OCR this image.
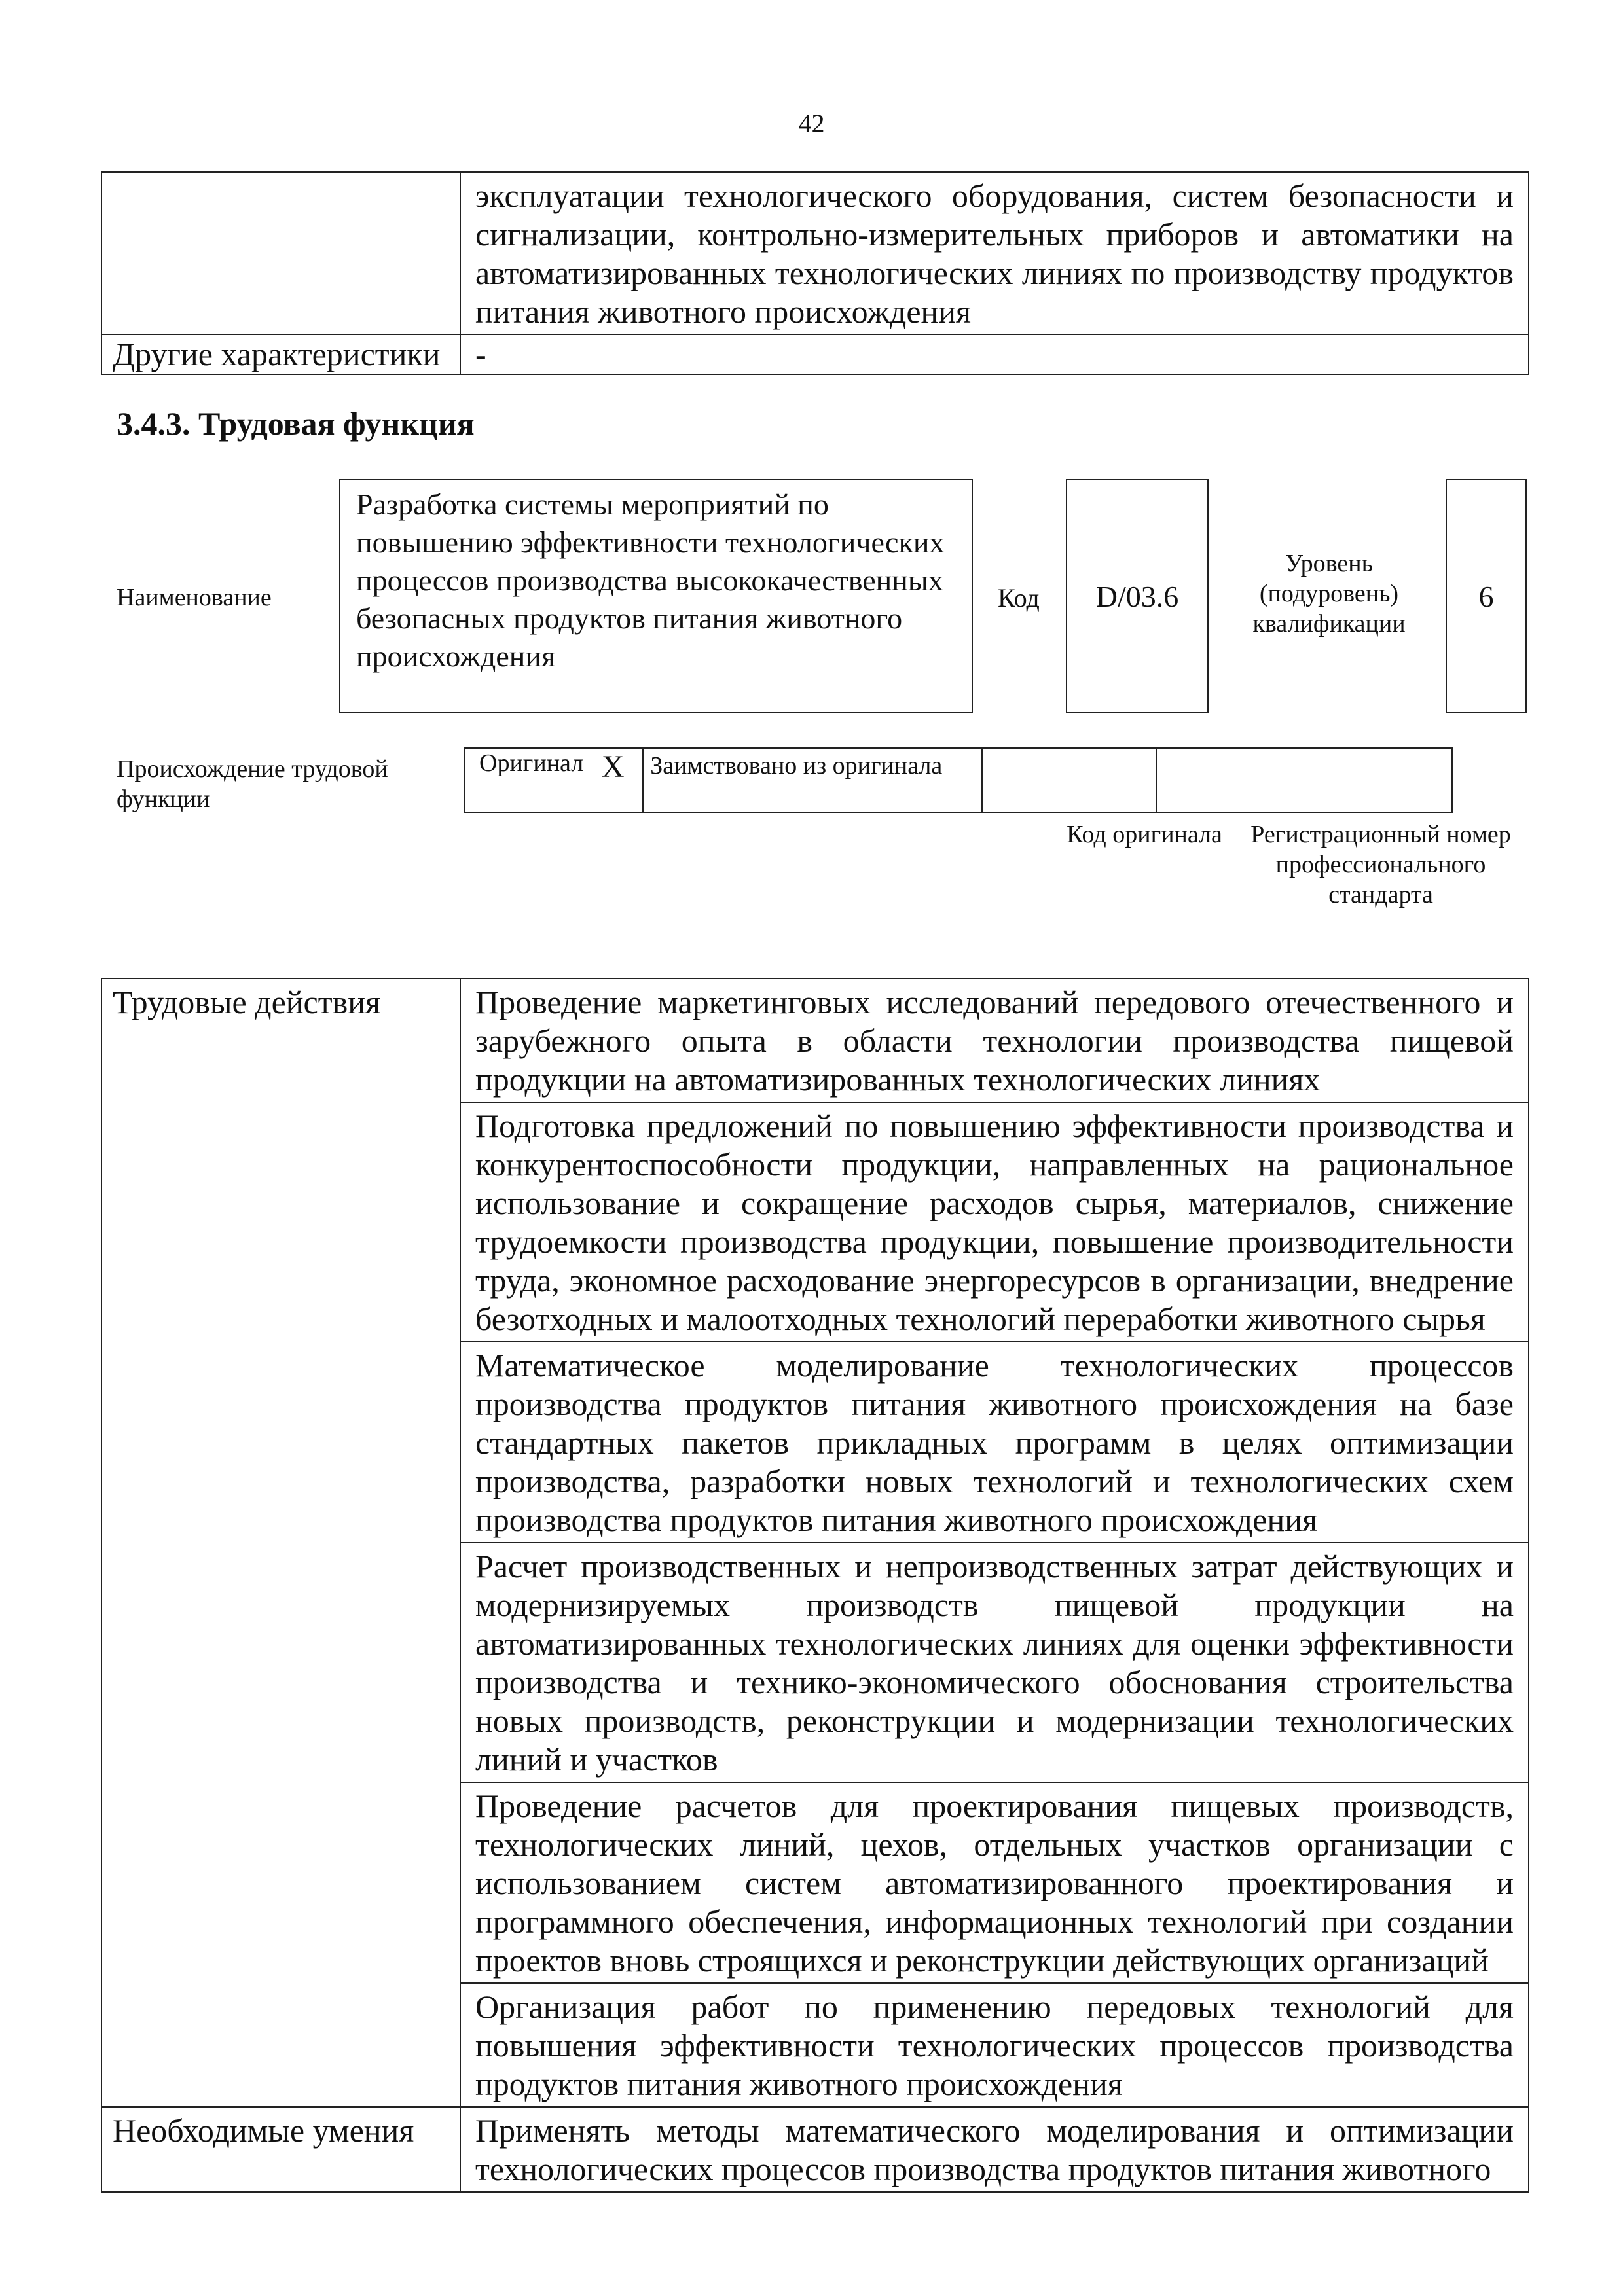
42

	эксплуатации технологического оборудования, систем безопасности и сигнализации, контрольно-измерительных приборов и автоматики на автоматизированных технологических линиях по производству продуктов питания животного происхождения

Другие характеристики	-
3.4.3. Трудовая функция
Наименование
Разработка системы мероприятий по повышению эффективности технологических процессов производства высококачественных безопасных продуктов питания животного происхождения
Код D/03.6
Уровень
(подуровень)
квалификации
6
Происхождение трудовой функции
Оригинал	X	Заимствовано из оригинала		
Код оригинала	Регистрационный номер профессионального стандарта
Трудовые действия	Проведение маркетинговых исследований передового отечественного и зарубежного опыта в области технологии производства пищевой продукции на автоматизированных технологических линиях

	Подготовка предложений по повышению эффективности производства и конкурентоспособности продукции, направленных на рациональное использование и сокращение расходов сырья, материалов, снижение трудоемкости производства продукции, повышение производительности труда, экономное расходование энергоресурсов в организации, внедрение безотходных и малоотходных технологий переработки животного сырья

	Математическое моделирование технологических процессов производства продуктов питания животного происхождения на базе стандартных пакетов прикладных программ в целях оптимизации производства, разработки новых технологий и технологических схем производства продуктов питания животного происхождения

	Расчет производственных и непроизводственных затрат действующих и модернизируемых производств пищевой продукции на автоматизированных технологических линиях для оценки эффективности производства и технико-экономического обоснования строительства новых производств, реконструкции и модернизации технологических линий и участков

	Проведение расчетов для проектирования пищевых производств, технологических линий, цехов, отдельных участков организации с использованием систем автоматизированного проектирования и программного обеспечения, информационных технологий при создании проектов вновь строящихся и реконструкции действующих организаций

	Организация работ по применению передовых технологий для повышения эффективности технологических процессов производства продуктов питания животного происхождения

Необходимые умения	Применять методы математического моделирования и оптимизации технологических процессов производства продуктов питания животного
